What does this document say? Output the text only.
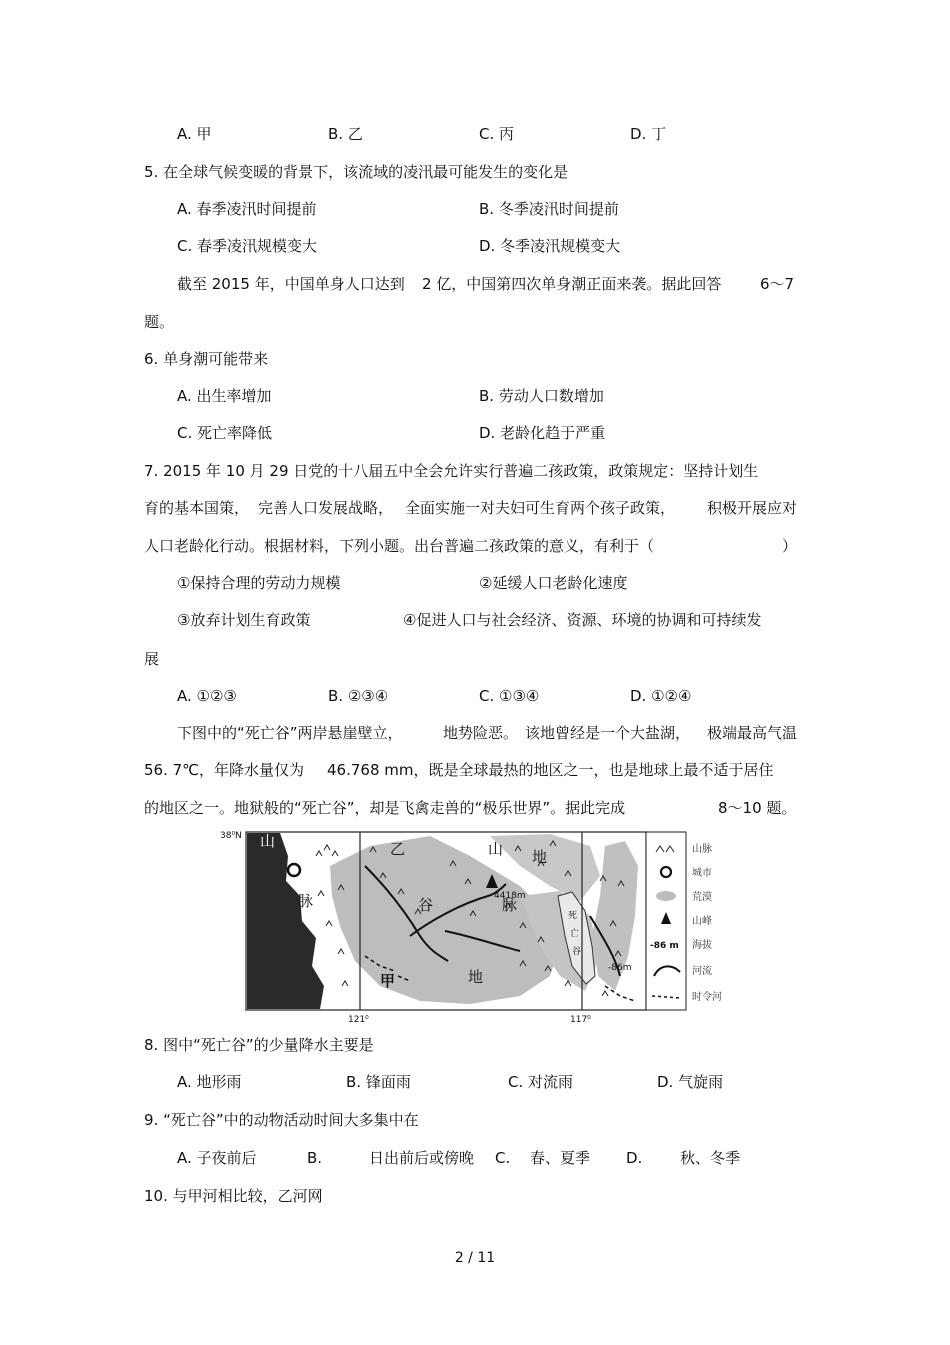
A. 甲	B. 乙	C. 丙	D. 丁
5. 在全球气候变暖的背景下，该流域的凌汛最可能发生的变化是
A. 春季凌汛时间提前	B. 冬季凌汛时间提前
C. 春季凌汛规模变大	D. 冬季凌汛规模变大
截至 2015 年，中国单身人口达到 2 亿，中国第四次单身潮正面来袭。据此回答	6～7
题。
6. 单身潮可能带来
A. 出生率增加	B. 劳动人口数增加
C. 死亡率降低	D. 老龄化趋于严重
7. 2015 年 10 月 29 日党的十八届五中全会允许实行普遍二孩政策，政策规定：坚持计划生
育的基本国策， 完善人口发展战略， 全面实施一对夫妇可生育两个孩子政策， 积极开展应对
人口老龄化行动。根据材料，下列小题。出台普遍二孩政策的意义，有利于（	）
①保持合理的劳动力规模	②延缓人口老龄化速度
③放弃计划生育政策	④促进人口与社会经济、资源、环境的协调和可持续发
展
A. ①②③	B. ②③④	C. ①③④	D. ①②④
下图中的“死亡谷”两岸悬崖壁立，	地势险恶。 该地曾经是一个大盐湖， 极端最高气温
56. 7℃，年降水量仅为 46.768 mm，既是全球最热的地区之一，也是地球上最不适于居住
的地区之一。地狱般的“死亡谷”，却是飞禽走兽的“极乐世界”。据此完成	8～10 题。
山
脉
乙	山 地
谷	脉
地
甲
死
亡
谷
4418m
-86m
38⁰N
121⁰	117⁰
-86 m
山脉
城市
荒漠
山峰
海拔
河流
时令河
8. 图中“死亡谷”的少量降水主要是
A. 地形雨	B. 锋面雨	C. 对流雨	D. 气旋雨
9. “死亡谷”中的动物活动时间大多集中在
A. 子夜前后	B.	日出前后或傍晚 C. 春、夏季 D.	秋、冬季
10. 与甲河相比较，乙河网
2 / 11
